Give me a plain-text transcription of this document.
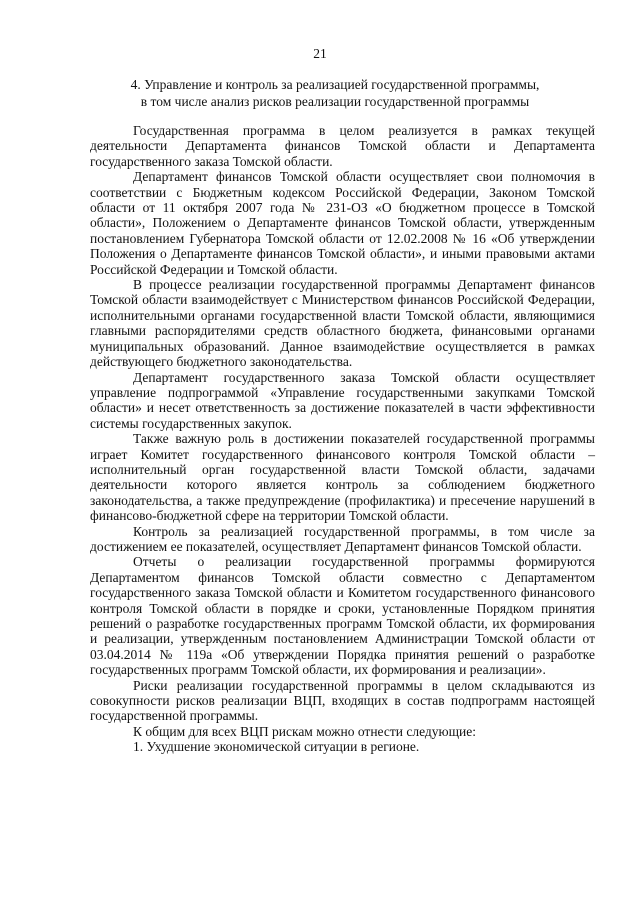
21
4. Управление и контроль за реализацией государственной программы,
в том числе анализ рисков реализации государственной программы

Государственная программа в целом реализуется в рамках текущей деятельности Департамента финансов Томской области и Департамента государственного заказа Томской области.

Департамент финансов Томской области осуществляет свои полномочия в соответствии с Бюджетным кодексом Российской Федерации, Законом Томской области от 11 октября 2007 года № 231-ОЗ «О бюджетном процессе в Томской области», Положением о Департаменте финансов Томской области, утвержденным постановлением Губернатора Томской области от 12.02.2008 № 16 «Об утверждении Положения о Департаменте финансов Томской области», и иными правовыми актами Российской Федерации и Томской области.

В процессе реализации государственной программы Департамент финансов Томской области взаимодействует с Министерством финансов Российской Федерации, исполнительными органами государственной власти Томской области, являющимися главными распорядителями средств областного бюджета, финансовыми органами муниципальных образований. Данное взаимодействие осуществляется в рамках действующего бюджетного законодательства.

Департамент государственного заказа Томской области осуществляет управление подпрограммой «Управление государственными закупками Томской области» и несет ответственность за достижение показателей в части эффективности системы государственных закупок.

Также важную роль в достижении показателей государственной программы играет Комитет государственного финансового контроля Томской области – исполнительный орган государственной власти Томской области, задачами деятельности которого является контроль за соблюдением бюджетного законодательства, а также предупреждение (профилактика) и пресечение нарушений в финансово-бюджетной сфере на территории Томской области.

Контроль за реализацией государственной программы, в том числе за достижением ее показателей, осуществляет Департамент финансов Томской области.

Отчеты о реализации государственной программы формируются Департаментом финансов Томской области совместно с Департаментом государственного заказа Томской области и Комитетом государственного финансового контроля Томской области в порядке и сроки, установленные Порядком принятия решений о разработке государственных программ Томской области, их формирования и реализации, утвержденным постановлением Администрации Томской области от 03.04.2014 № 119а «Об утверждении Порядка принятия решений о разработке государственных программ Томской области, их формирования и реализации».

Риски реализации государственной программы в целом складываются из совокупности рисков реализации ВЦП, входящих в состав подпрограмм настоящей государственной программы.

К общим для всех ВЦП рискам можно отнести следующие:

1. Ухудшение экономической ситуации в регионе.
